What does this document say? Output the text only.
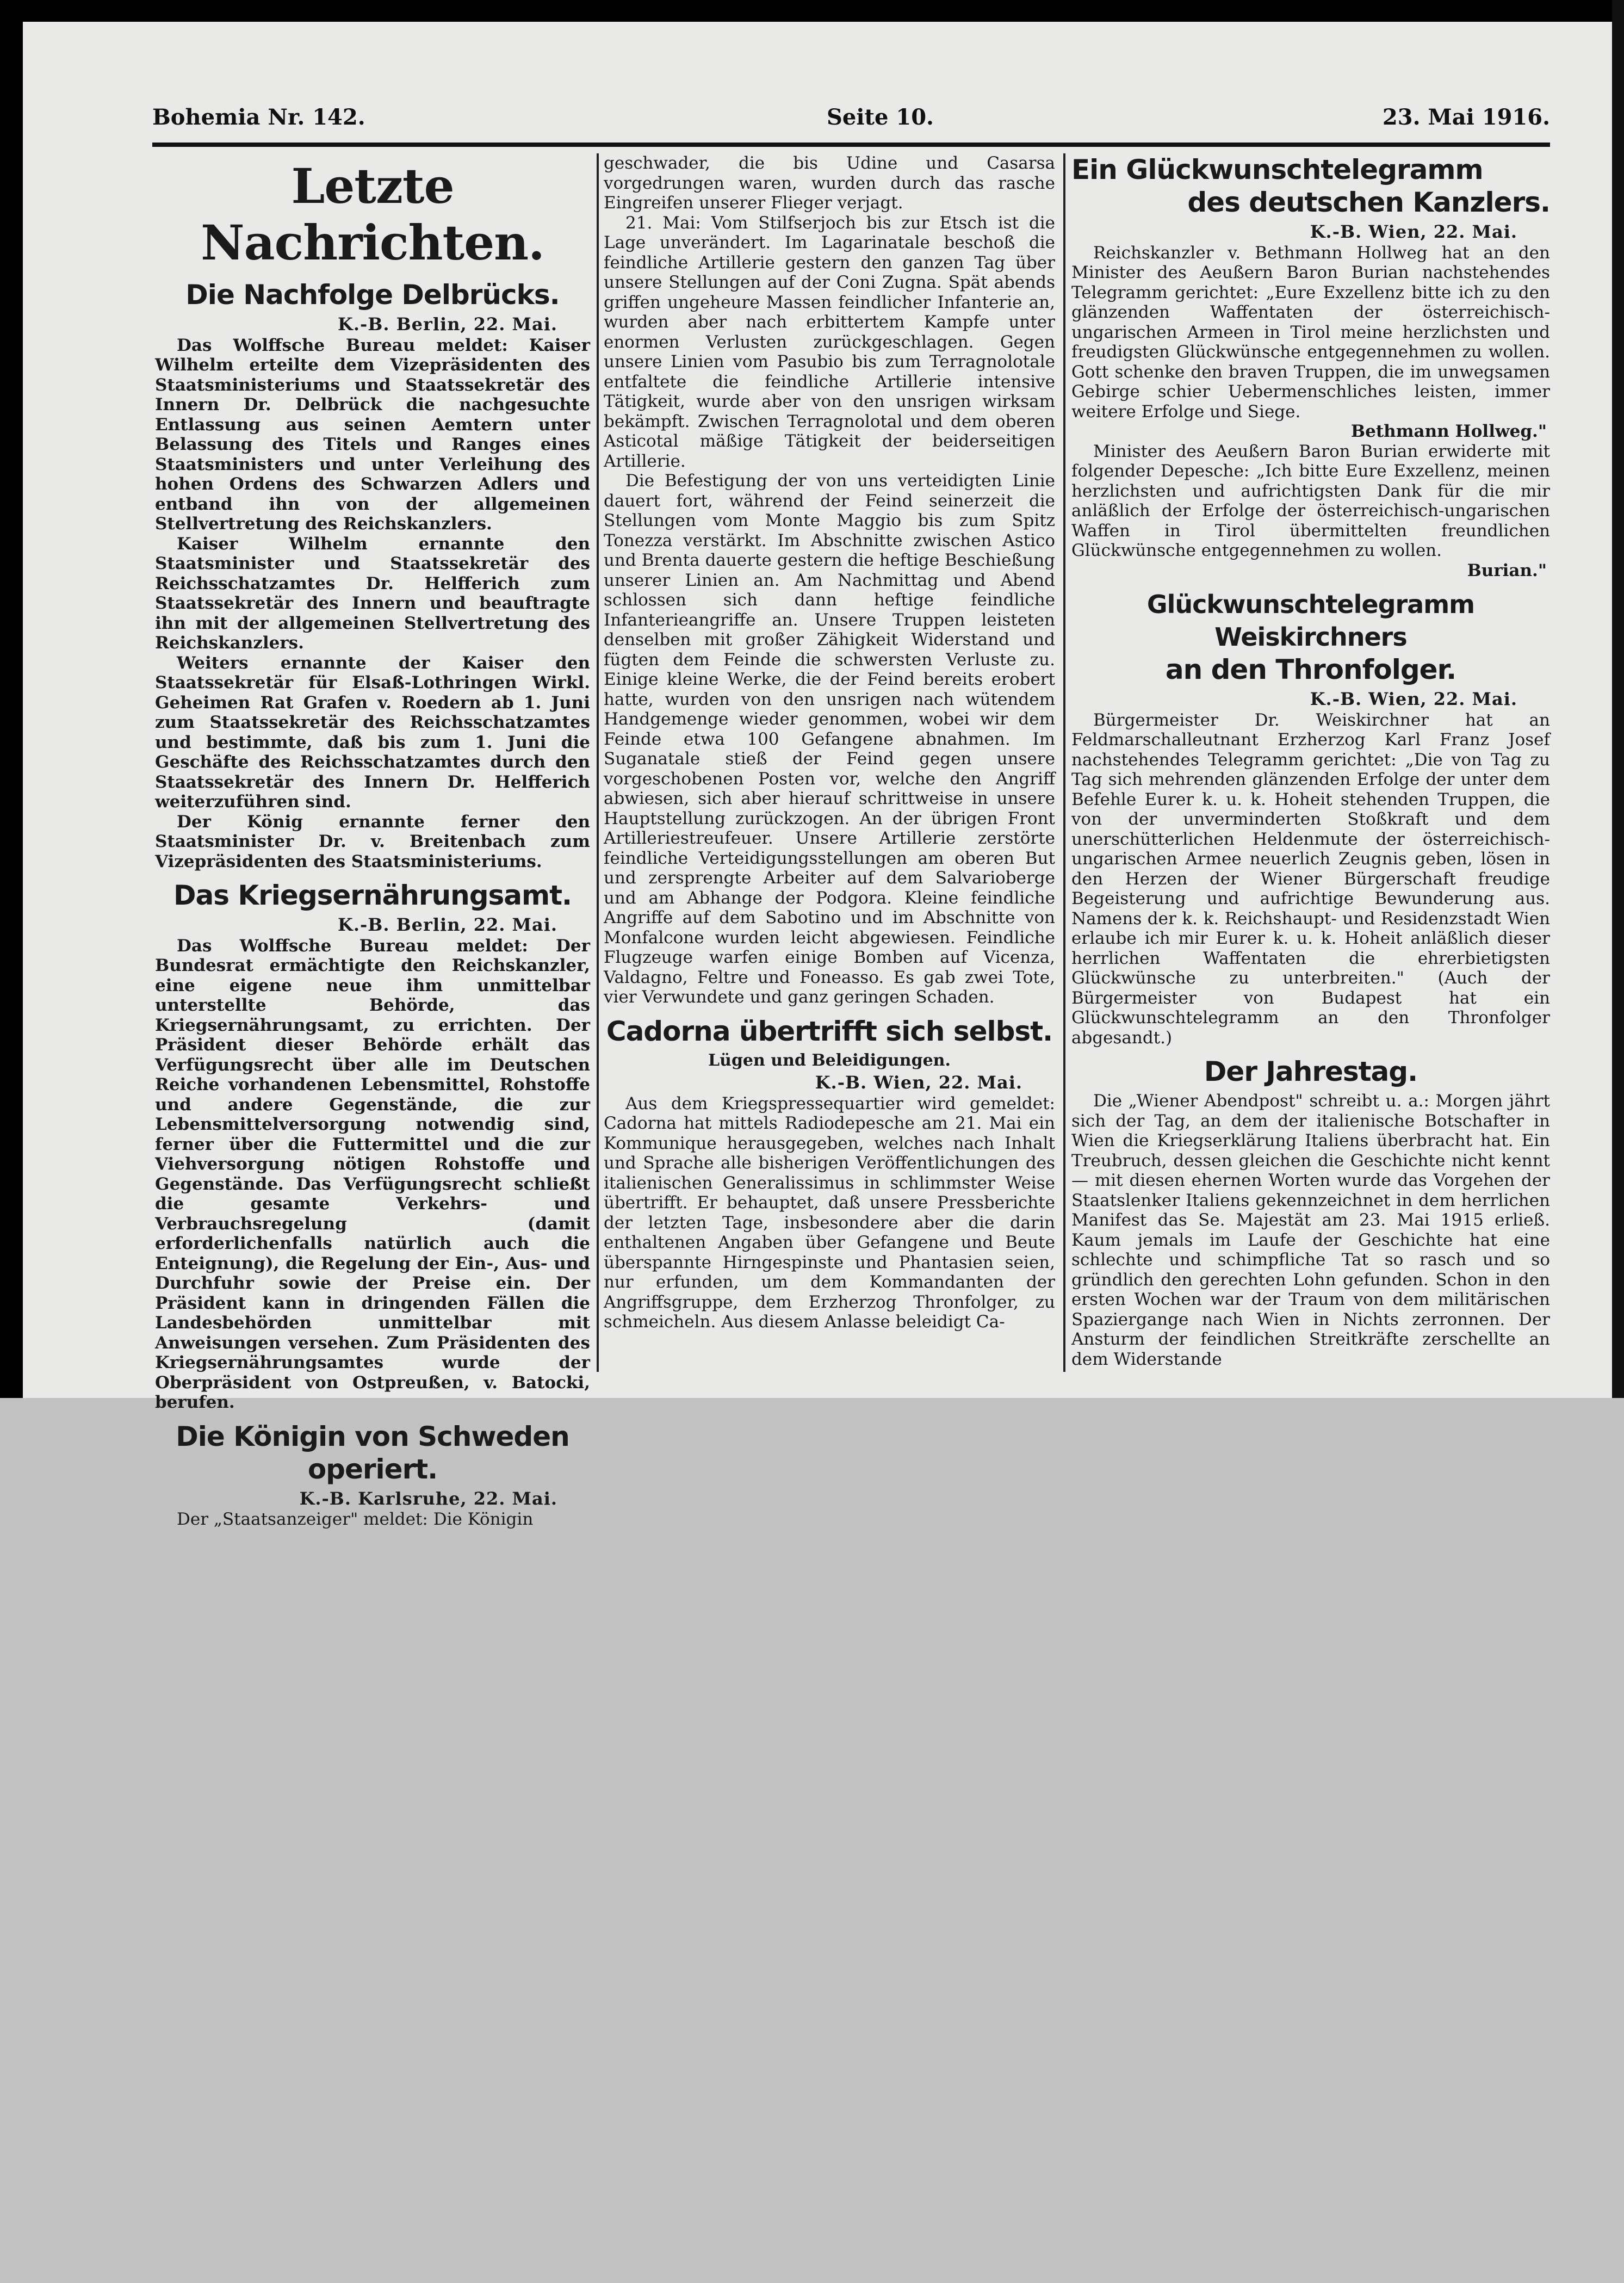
Bohemia Nr. 142.	Seite 10.	23. Mai 1916.
Letzte Nachrichten.
Die Nachfolge Delbrücks.
K.-B. Berlin, 22. Mai.

Das Wolffsche Bureau meldet: Kaiser Wilhelm erteilte dem Vizepräsidenten des Staatsministeriums und Staatssekretär des Innern Dr. Delbrück die nachgesuchte Entlassung aus seinen Aemtern unter Belassung des Titels und Ranges eines Staatsministers und unter Verleihung des hohen Ordens des Schwarzen Adlers und entband ihn von der allgemeinen Stellvertretung des Reichskanzlers.

Kaiser Wilhelm ernannte den Staatsminister und Staatssekretär des Reichsschatzamtes Dr. Helfferich zum Staatssekretär des Innern und beauftragte ihn mit der allgemeinen Stellvertretung des Reichskanzlers.

Weiters ernannte der Kaiser den Staatssekretär für Elsaß-Lothringen Wirkl. Geheimen Rat Grafen v. Roedern ab 1. Juni zum Staatssekretär des Reichsschatzamtes und bestimmte, daß bis zum 1. Juni die Geschäfte des Reichsschatzamtes durch den Staatssekretär des Innern Dr. Helfferich weiterzuführen sind.

Der König ernannte ferner den Staatsminister Dr. v. Breitenbach zum Vizepräsidenten des Staatsministeriums.

Das Kriegsernährungsamt.
K.-B. Berlin, 22. Mai.

Das Wolffsche Bureau meldet: Der Bundesrat ermächtigte den Reichskanzler, eine eigene neue ihm unmittelbar unterstellte Behörde, das Kriegsernährungsamt, zu errichten. Der Präsident dieser Behörde erhält das Verfügungsrecht über alle im Deutschen Reiche vorhandenen Lebensmittel, Rohstoffe und andere Gegenstände, die zur Lebensmittelversorgung notwendig sind, ferner über die Futtermittel und die zur Viehversorgung nötigen Rohstoffe und Gegenstände. Das Verfügungsrecht schließt die gesamte Verkehrs- und Verbrauchsregelung (damit erforderlichenfalls natürlich auch die Enteignung), die Regelung der Ein-, Aus- und Durchfuhr sowie der Preise ein. Der Präsident kann in dringenden Fällen die Landesbehörden unmittelbar mit Anweisungen versehen. Zum Präsidenten des Kriegsernährungsamtes wurde der Oberpräsident von Ostpreußen, v. Batocki, berufen.

Die Königin von Schweden operiert.
K.-B. Karlsruhe, 22. Mai.

Der „Staatsanzeiger" meldet: Die Königin

geschwader, die bis Udine und Casarsa vorgedrungen waren, wurden durch das rasche Eingreifen unserer Flieger verjagt.

21. Mai: Vom Stilfserjoch bis zur Etsch ist die Lage unverändert. Im Lagarinatale beschoß die feindliche Artillerie gestern den ganzen Tag über unsere Stellungen auf der Coni Zugna. Spät abends griffen ungeheure Massen feindlicher Infanterie an, wurden aber nach erbittertem Kampfe unter enormen Verlusten zurückgeschlagen. Gegen unsere Linien vom Pasubio bis zum Terragnolotale entfaltete die feindliche Artillerie intensive Tätigkeit, wurde aber von den unsrigen wirksam bekämpft. Zwischen Terragnolotal und dem oberen Asticotal mäßige Tätigkeit der beiderseitigen Artillerie.

Die Befestigung der von uns verteidigten Linie dauert fort, während der Feind seinerzeit die Stellungen vom Monte Maggio bis zum Spitz Tonezza verstärkt. Im Abschnitte zwischen Astico und Brenta dauerte gestern die heftige Beschießung unserer Linien an. Am Nachmittag und Abend schlossen sich dann heftige feindliche Infanterieangriffe an. Unsere Truppen leisteten denselben mit großer Zähigkeit Widerstand und fügten dem Feinde die schwersten Verluste zu. Einige kleine Werke, die der Feind bereits erobert hatte, wurden von den unsrigen nach wütendem Handgemenge wieder genommen, wobei wir dem Feinde etwa 100 Gefangene abnahmen. Im Suganatale stieß der Feind gegen unsere vorgeschobenen Posten vor, welche den Angriff abwiesen, sich aber hierauf schrittweise in unsere Hauptstellung zurückzogen. An der übrigen Front Artilleriestreufeuer. Unsere Artillerie zerstörte feindliche Verteidigungsstellungen am oberen But und zersprengte Arbeiter auf dem Salvarioberge und am Abhange der Podgora. Kleine feindliche Angriffe auf dem Sabotino und im Abschnitte von Monfalcone wurden leicht abgewiesen. Feindliche Flugzeuge warfen einige Bomben auf Vicenza, Valdagno, Feltre und Foneasso. Es gab zwei Tote, vier Verwundete und ganz geringen Schaden.

Cadorna übertrifft sich selbst.
Lügen und Beleidigungen.
K.-B. Wien, 22. Mai.

Aus dem Kriegspressequartier wird gemeldet: Cadorna hat mittels Radiodepesche am 21. Mai ein Kommunique herausgegeben, welches nach Inhalt und Sprache alle bisherigen Veröffentlichungen des italienischen Generalissimus in schlimmster Weise übertrifft. Er behauptet, daß unsere Pressberichte der letzten Tage, insbesondere aber die darin enthaltenen Angaben über Gefangene und Beute überspannte Hirngespinste und Phantasien seien, nur erfunden, um dem Kommandanten der Angriffsgruppe, dem Erzherzog Thronfolger, zu schmeicheln. Aus diesem Anlasse beleidigt Ca-

Ein Glückwunschtelegramm
des deutschen Kanzlers.
K.-B. Wien, 22. Mai.

Reichskanzler v. Bethmann Hollweg hat an den Minister des Aeußern Baron Burian nachstehendes Telegramm gerichtet: „Eure Exzellenz bitte ich zu den glänzenden Waffentaten der österreichisch-ungarischen Armeen in Tirol meine herzlichsten und freudigsten Glückwünsche entgegennehmen zu wollen. Gott schenke den braven Truppen, die im unwegsamen Gebirge schier Uebermenschliches leisten, immer weitere Erfolge und Siege.

Bethmann Hollweg."

Minister des Aeußern Baron Burian erwiderte mit folgender Depesche: „Ich bitte Eure Exzellenz, meinen herzlichsten und aufrichtigsten Dank für die mir anläßlich der Erfolge der österreichisch-ungarischen Waffen in Tirol übermittelten freundlichen Glückwünsche entgegennehmen zu wollen.

Burian."
Glückwunschtelegramm Weiskirchners
an den Thronfolger.
K.-B. Wien, 22. Mai.

Bürgermeister Dr. Weiskirchner hat an Feldmarschalleutnant Erzherzog Karl Franz Josef nachstehendes Telegramm gerichtet: „Die von Tag zu Tag sich mehrenden glänzenden Erfolge der unter dem Befehle Eurer k. u. k. Hoheit stehenden Truppen, die von der unverminderten Stoßkraft und dem unerschütterlichen Heldenmute der österreichisch-ungarischen Armee neuerlich Zeugnis geben, lösen in den Herzen der Wiener Bürgerschaft freudige Begeisterung und aufrichtige Bewunderung aus. Namens der k. k. Reichshaupt- und Residenzstadt Wien erlaube ich mir Eurer k. u. k. Hoheit anläßlich dieser herrlichen Waffentaten die ehrerbietigsten Glückwünsche zu unterbreiten." (Auch der Bürgermeister von Budapest hat ein Glückwunschtelegramm an den Thronfolger abgesandt.)

Der Jahrestag.

Die „Wiener Abendpost" schreibt u. a.: Morgen jährt sich der Tag, an dem der italienische Botschafter in Wien die Kriegserklärung Italiens überbracht hat. Ein Treubruch, dessen gleichen die Geschichte nicht kennt — mit diesen ehernen Worten wurde das Vorgehen der Staatslenker Italiens gekennzeichnet in dem herrlichen Manifest das Se. Majestät am 23. Mai 1915 erließ. Kaum jemals im Laufe der Geschichte hat eine schlechte und schimpfliche Tat so rasch und so gründlich den gerechten Lohn gefunden. Schon in den ersten Wochen war der Traum von dem militärischen Spaziergange nach Wien in Nichts zerronnen. Der Ansturm der feindlichen Streitkräfte zerschellte an dem Widerstande
